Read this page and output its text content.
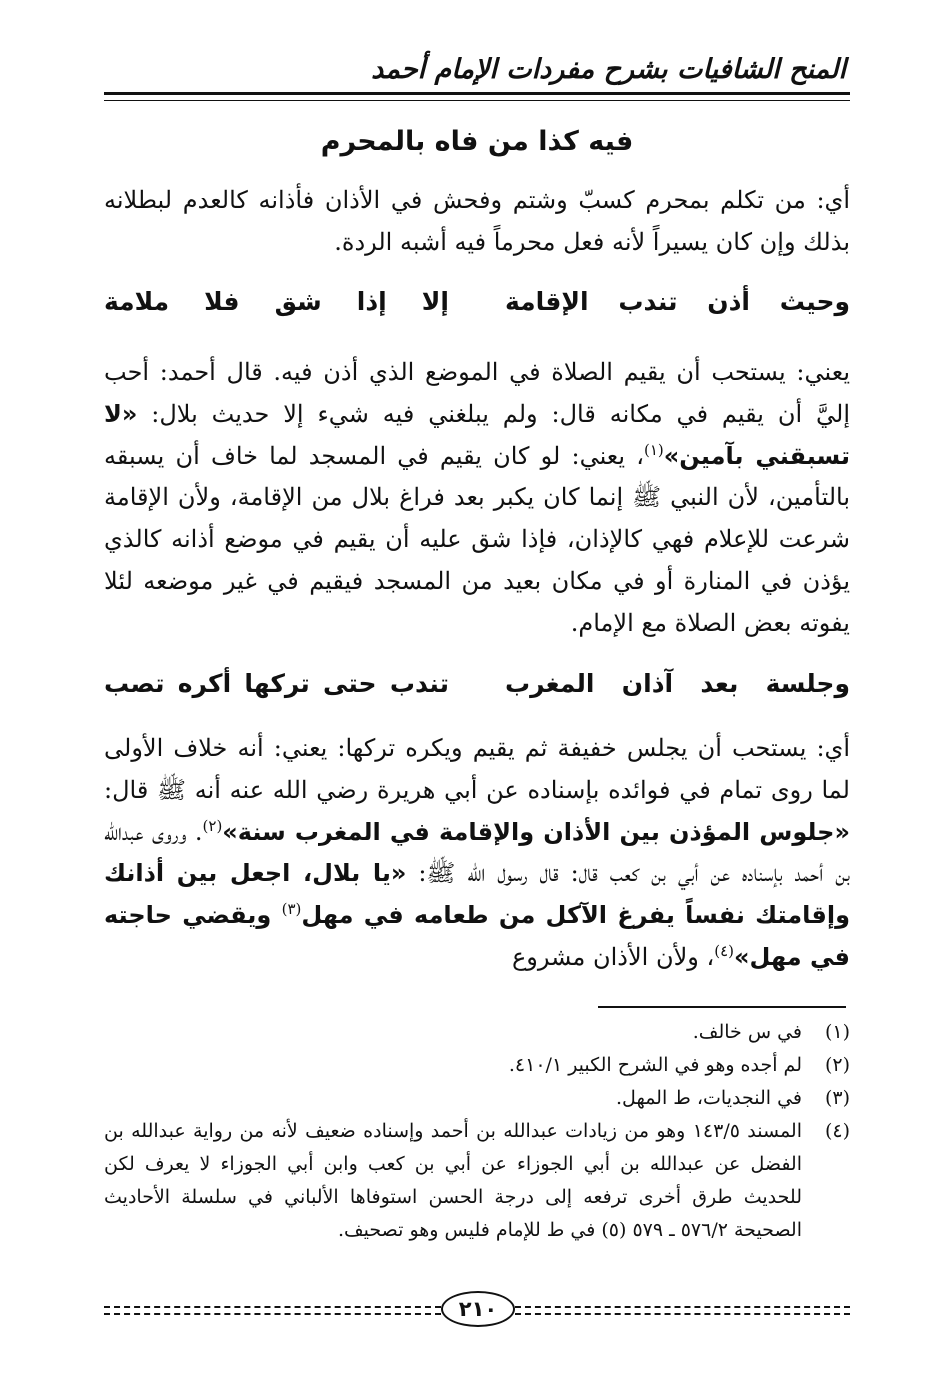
المنح الشافيات بشرح مفردات الإمام أحمد
فيه كذا من فاه بالمحرم
أي: من تكلم بمحرم كسبّ وشتم وفحش في الأذان فأذانه كالعدم لبطلانه بذلك وإن كان يسيراً لأنه فعل محرماً فيه أشبه الردة.
وحيث أذن تندب الإقامة
إلا إذا شق فلا ملامة
يعني: يستحب أن يقيم الصلاة في الموضع الذي أذن فيه. قال أحمد: أحب إليَّ أن يقيم في مكانه قال: ولم يبلغني فيه شيء إلا حديث بلال: «لا تسبقني بآمين»$^{(١)}$، يعني: لو كان يقيم في المسجد لما خاف أن يسبقه بالتأمين، لأن النبي ﷺ إنما كان يكبر بعد فراغ بلال من الإقامة، ولأن الإقامة شرعت للإعلام فهي كالإذان، فإذا شق عليه أن يقيم في موضع أذانه كالذي يؤذن في المنارة أو في مكان بعيد من المسجد فيقيم في غير موضعه لئلا يفوته بعض الصلاة مع الإمام.
وجلسة بعد آذان المغرب
تندب حتى تركها أكره تصب
أي: يستحب أن يجلس خفيفة ثم يقيم ويكره تركها: يعني: أنه خلاف الأولى لما روى تمام في فوائده بإسناده عن أبي هريرة رضي الله عنه أنه ﷺ قال: «جلوس المؤذن بين الأذان والإقامة في المغرب سنة»$^{(٢)}$. وروى عبدالله بن أحمد بإسناده عن أبي بن كعب قال: قال رسول الله ﷺ: «يا بلال، اجعل بين أذانك وإقامتك نفساً يفرغ الآكل من طعامه في مهل$^{(٣)}$ ويقضي حاجته في مهل»$^{(٤)}$، ولأن الأذان مشروع
(١)
في س خالف.
(٢)
لم أجده وهو في الشرح الكبير ٤١٠/١.
(٣)
في النجديات، ط المهل.
(٤)
المسند ١٤٣/٥ وهو من زيادات عبدالله بن أحمد وإسناده ضعيف لأنه من رواية عبدالله بن الفضل عن عبدالله بن أبي الجوزاء عن أبي بن كعب وابن أبي الجوزاء لا يعرف لكن للحديث طرق أخرى ترفعه إلى درجة الحسن استوفاها الألباني في سلسلة الأحاديث الصحيحة ٥٧٦/٢ ـ ٥٧٩ (٥) في ط للإمام فليس وهو تصحيف.
٢١٠
